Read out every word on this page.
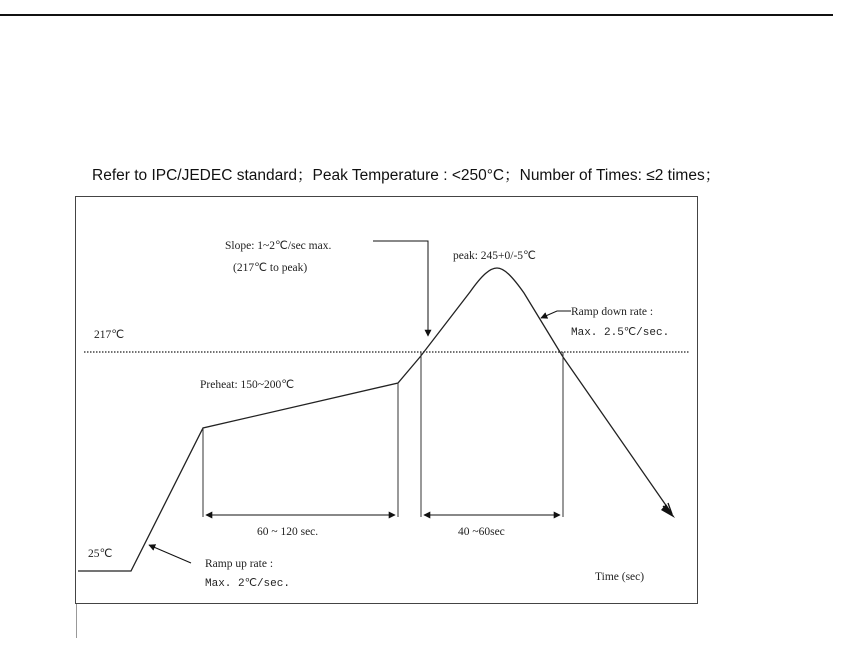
Refer to IPC/JEDEC standard；Peak Temperature : <250°C；Number of Times: ≤2 times；
217℃
25℃
Preheat: 150~200℃
Slope: 1~2℃/sec max.
(217℃ to peak)
peak: 245+0/-5℃
Ramp down rate :
Max. 2.5℃/sec.
Ramp up rate :
Max. 2℃/sec.
60 ~ 120 sec.	40 ~60sec
Time (sec)
